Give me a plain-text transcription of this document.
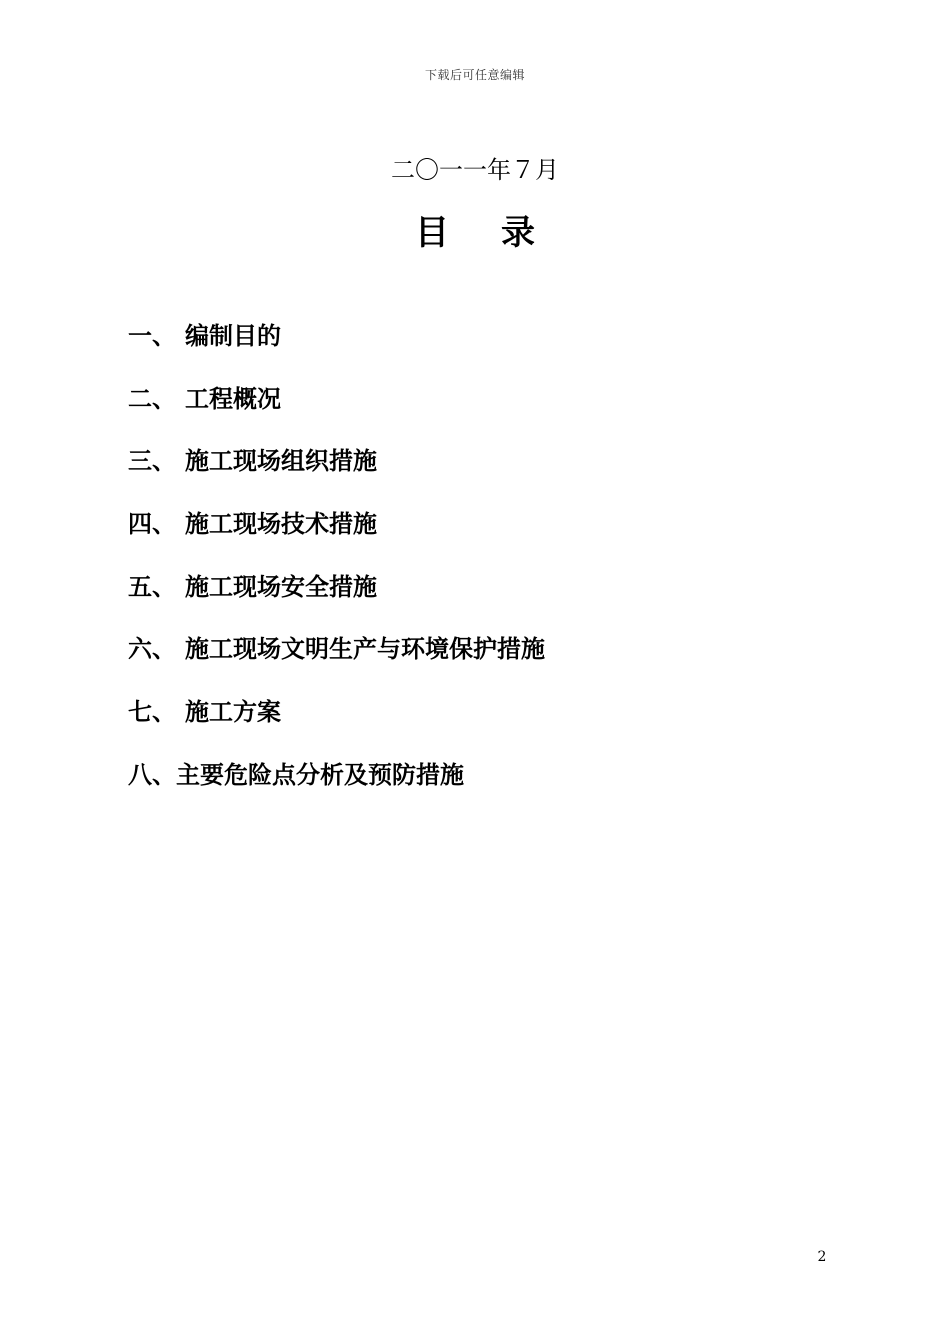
下载后可任意编辑
二〇一一年７月
目 录
一、 编制目的
二、 工程概况
三、 施工现场组织措施
四、 施工现场技术措施
五、 施工现场安全措施
六、 施工现场文明生产与环境保护措施
七、 施工方案
八、主要危险点分析及预防措施
2
